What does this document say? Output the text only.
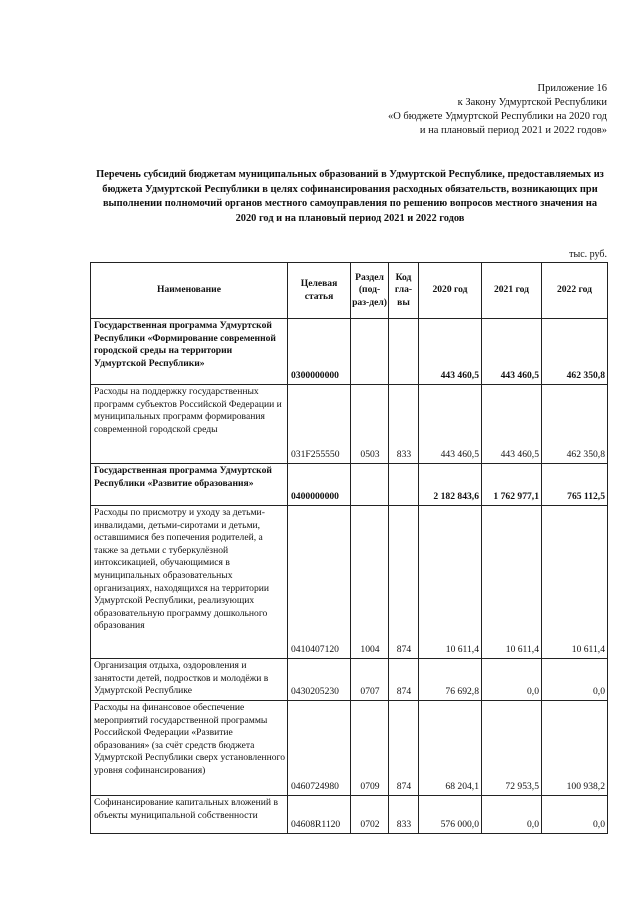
Приложение 16
к Закону Удмуртской Республики
«О бюджете Удмуртской Республики на 2020 год
и на плановый период 2021 и 2022 годов»
Перечень субсидий бюджетам муниципальных образований в Удмуртской Республике, предоставляемых из
бюджета Удмуртской Республики в целях софинансирования расходных обязательств, возникающих при
выполнении полномочий органов местного самоуправления по решению вопросов местного значения на
2020 год и на плановый период 2021 и 2022 годов
тыс. руб.
Наименование	Целевая статья	Раздел (под-раз-дел)	Код гла-вы	2020 год	2021 год	2022 год
Государственная программа Удмуртской Республики «Формирование современной городской среды на территории Удмуртской Республики»	0300000000			443 460,5	443 460,5	462 350,8
Расходы на поддержку государственных программ субъектов Российской Федерации и муниципальных программ формирования современной городской среды	031F255550	0503	833	443 460,5	443 460,5	462 350,8
Государственная программа Удмуртской Республики «Развитие образования»	0400000000			2 182 843,6	1 762 977,1	765 112,5
Расходы по присмотру и уходу за детьми-инвалидами, детьми-сиротами и детьми, оставшимися без попечения родителей, а также за детьми с туберкулёзной интоксикацией, обучающимися в муниципальных образовательных организациях, находящихся на территории Удмуртской Республики, реализующих образовательную программу дошкольного образования	0410407120	1004	874	10 611,4	10 611,4	10 611,4
Организация отдыха, оздоровления и занятости детей, подростков и молодёжи в Удмуртской Республике	0430205230	0707	874	76 692,8	0,0	0,0
Расходы на финансовое обеспечение мероприятий государственной программы Российской Федерации «Развитие образования» (за счёт средств бюджета Удмуртской Республики сверх установленного уровня софинансирования)	0460724980	0709	874	68 204,1	72 953,5	100 938,2
Софинансирование капитальных вложений в объекты муниципальной собственности	04608R1120	0702	833	576 000,0	0,0	0,0
